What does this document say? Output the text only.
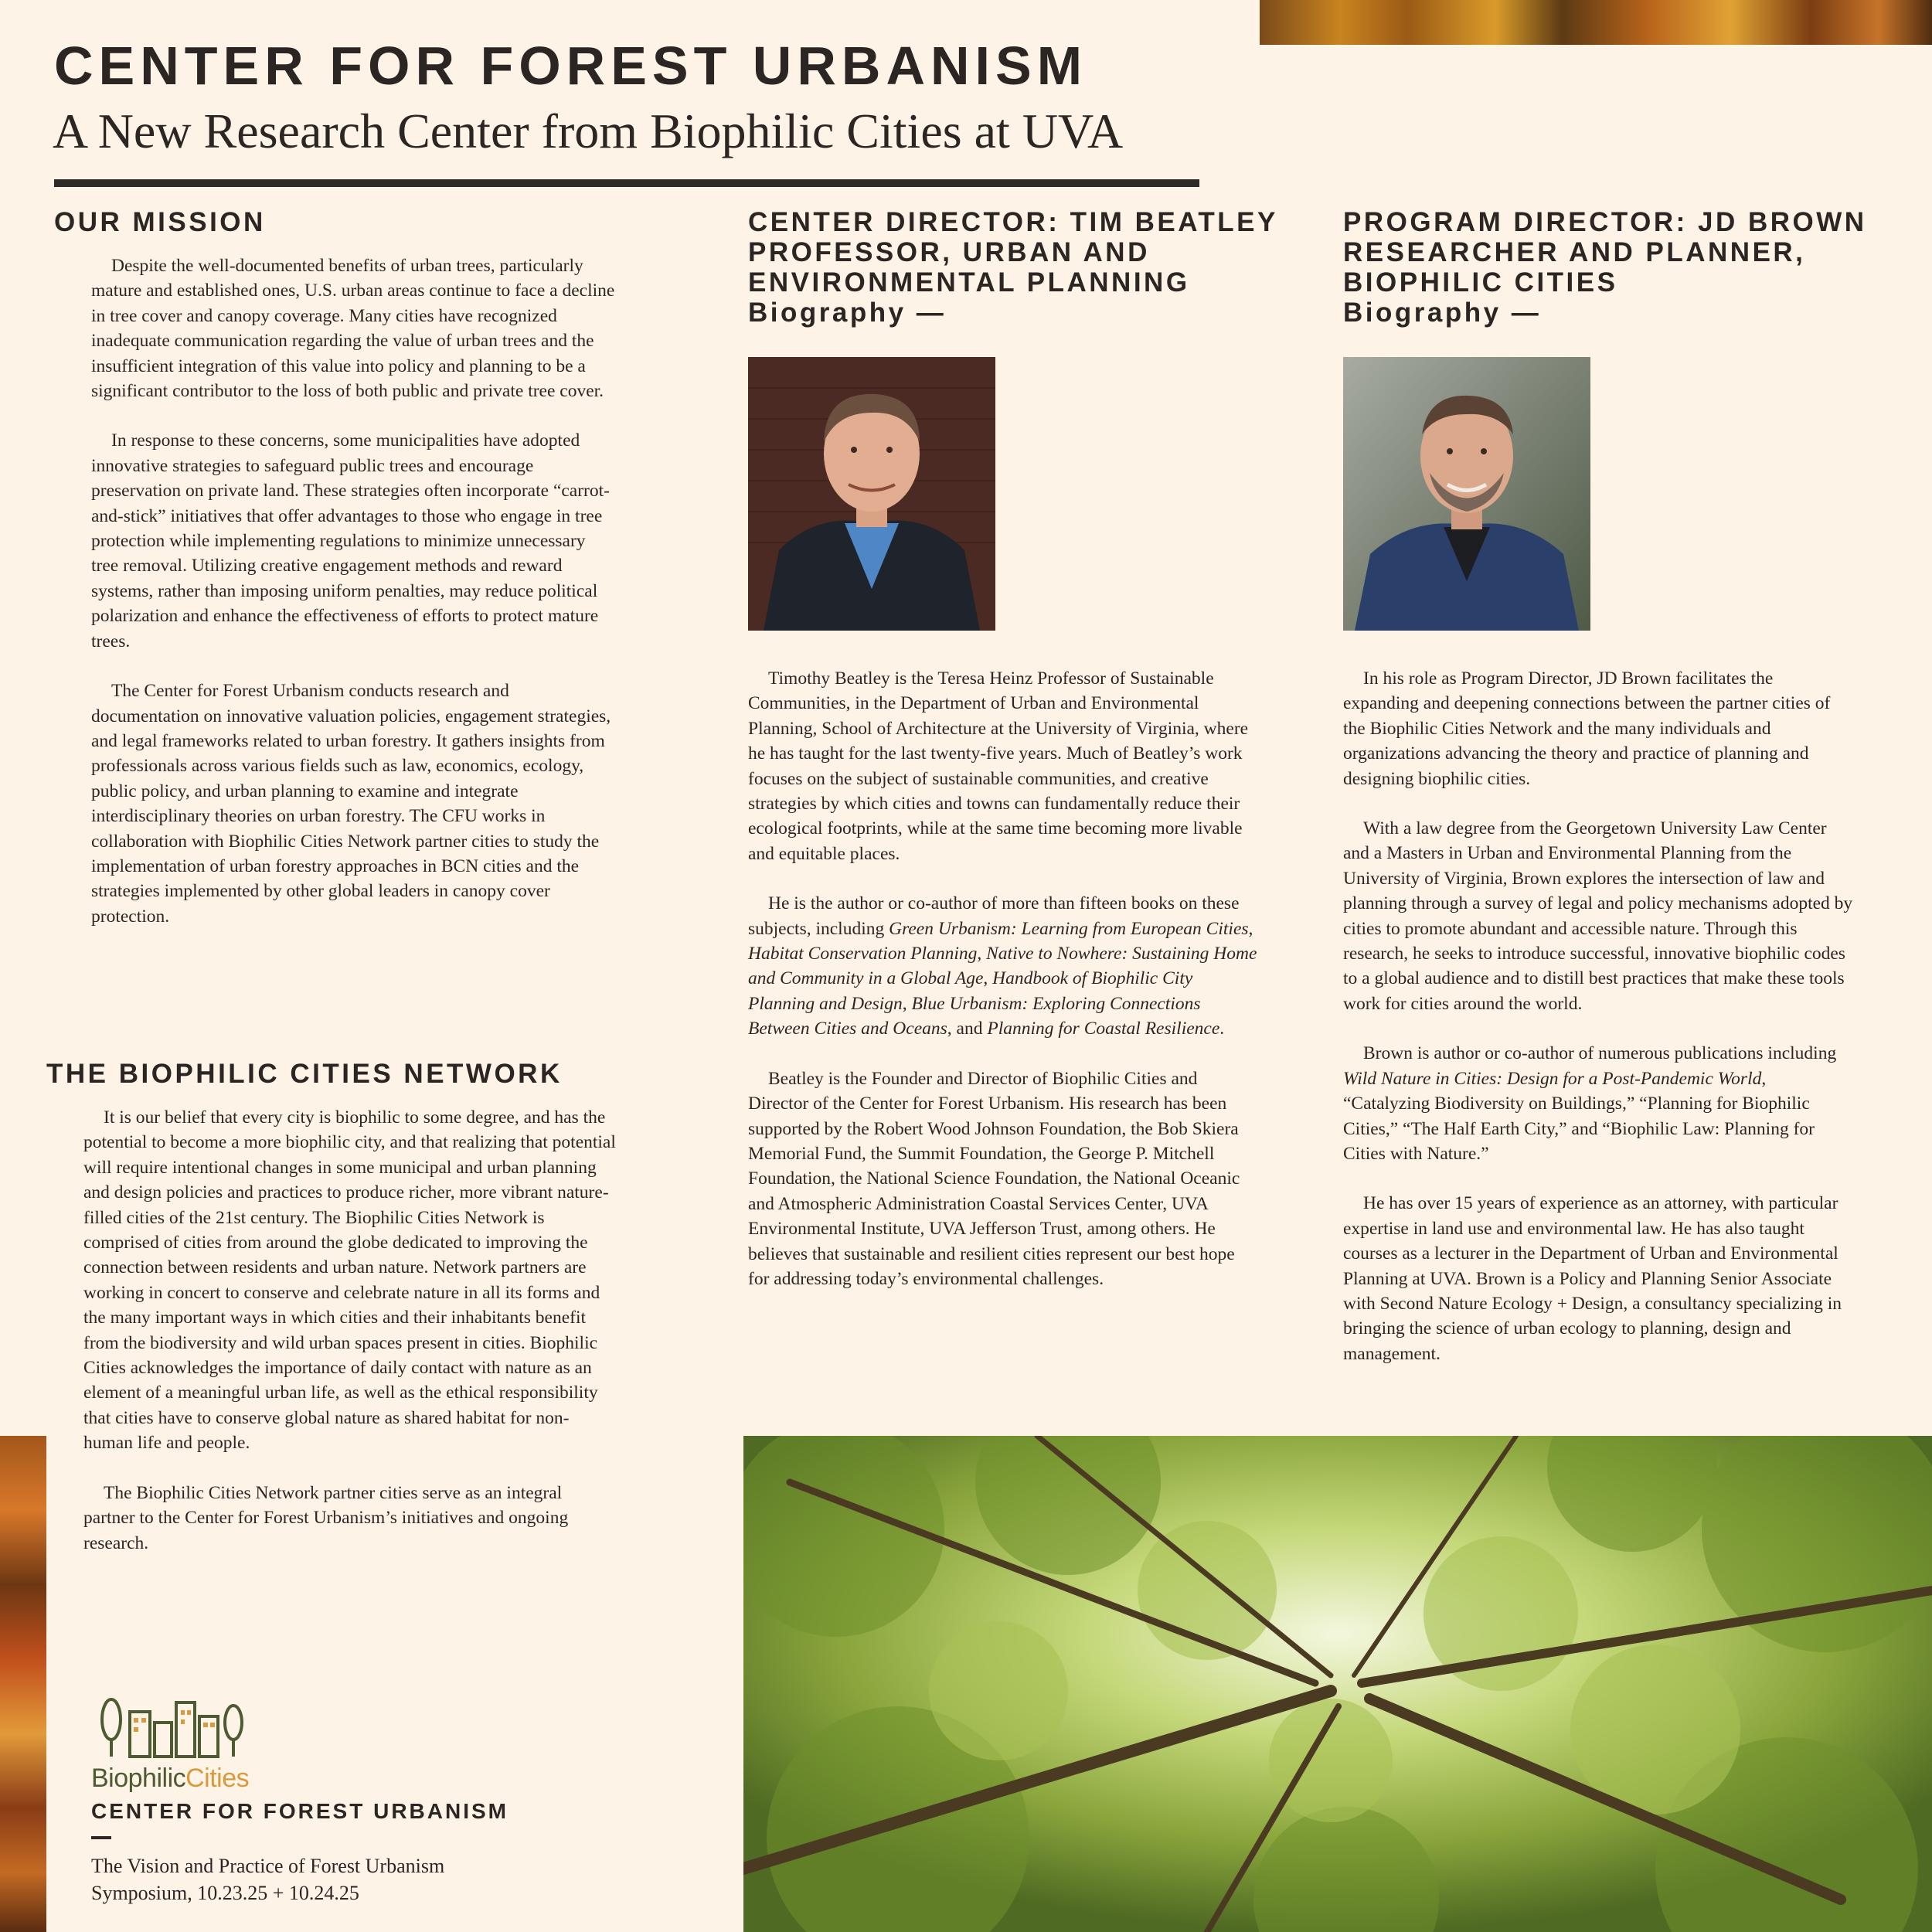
CENTER FOR FOREST URBANISM
A New Research Center from Biophilic Cities at UVA
OUR MISSION

Despite the well-documented benefits of urban trees, particularly mature and established ones, U.S. urban areas continue to face a decline in tree cover and canopy coverage. Many cities have recognized inadequate communication regarding the value of urban trees and the insufficient integration of this value into policy and planning to be a significant contributor to the loss of both public and private tree cover.

In response to these concerns, some municipalities have adopted innovative strategies to safeguard public trees and encourage preservation on private land. These strategies often incorporate “carrot-and-stick” initiatives that offer advantages to those who engage in tree protection while implementing regulations to minimize unnecessary tree removal. Utilizing creative engagement methods and reward systems, rather than imposing uniform penalties, may reduce political polarization and enhance the effectiveness of efforts to protect mature trees.

The Center for Forest Urbanism conducts research and documentation on innovative valuation policies, engagement strategies, and legal frameworks related to urban forestry. It gathers insights from professionals across various fields such as law, economics, ecology, public policy, and urban planning to examine and integrate interdisciplinary theories on urban forestry. The CFU works in collaboration with Biophilic Cities Network partner cities to study the implementation of urban forestry approaches in BCN cities and the strategies implemented by other global leaders in canopy cover protection.

THE BIOPHILIC CITIES NETWORK

It is our belief that every city is biophilic to some degree, and has the potential to become a more biophilic city, and that realizing that potential will require intentional changes in some municipal and urban planning and design policies and practices to produce richer, more vibrant nature-filled cities of the 21st century. The Biophilic Cities Network is comprised of cities from around the globe dedicated to improving the connection between residents and urban nature. Network partners are working in concert to conserve and celebrate nature in all its forms and the many important ways in which cities and their inhabitants benefit from the biodiversity and wild urban spaces present in cities. Biophilic Cities acknowledges the importance of daily contact with nature as an element of a meaningful urban life, as well as the ethical responsibility that cities have to conserve global nature as shared habitat for non-human life and people.

The Biophilic Cities Network partner cities serve as an integral partner to the Center for Forest Urbanism’s initiatives and ongoing research.

CENTER DIRECTOR: TIM BEATLEY
PROFESSOR, URBAN AND
ENVIRONMENTAL PLANNING
Biography —

Timothy Beatley is the Teresa Heinz Professor of Sustainable Communities, in the Department of Urban and Environmental Planning, School of Architecture at the University of Virginia, where he has taught for the last twenty-five years. Much of Beatley’s work focuses on the subject of sustainable communities, and creative strategies by which cities and towns can fundamentally reduce their ecological footprints, while at the same time becoming more livable and equitable places.

He is the author or co-author of more than fifteen books on these subjects, including Green Urbanism: Learning from European Cities, Habitat Conservation Planning, Native to Nowhere: Sustaining Home and Community in a Global Age, Handbook of Biophilic City Planning and Design, Blue Urbanism: Exploring Connections Between Cities and Oceans, and Planning for Coastal Resilience.

Beatley is the Founder and Director of Biophilic Cities and Director of the Center for Forest Urbanism. His research has been supported by the Robert Wood Johnson Foundation, the Bob Skiera Memorial Fund, the Summit Foundation, the George P. Mitchell Foundation, the National Science Foundation, the National Oceanic and Atmospheric Administration Coastal Services Center, UVA Environmental Institute, UVA Jefferson Trust, among others. He believes that sustainable and resilient cities represent our best hope for addressing today’s environmental challenges.

PROGRAM DIRECTOR: JD BROWN
RESEARCHER AND PLANNER,
BIOPHILIC CITIES
Biography —

In his role as Program Director, JD Brown facilitates the expanding and deepening connections between the partner cities of the Biophilic Cities Network and the many individuals and organizations advancing the theory and practice of planning and designing biophilic cities.

With a law degree from the Georgetown University Law Center and a Masters in Urban and Environmental Planning from the University of Virginia, Brown explores the intersection of law and planning through a survey of legal and policy mechanisms adopted by cities to promote abundant and accessible nature. Through this research, he seeks to introduce successful, innovative biophilic codes to a global audience and to distill best practices that make these tools work for cities around the world.

Brown is author or co-author of numerous publications including Wild Nature in Cities: Design for a Post-Pandemic World, “Catalyzing Biodiversity on Buildings,” “Planning for Biophilic Cities,” “The Half Earth City,” and “Biophilic Law: Planning for Cities with Nature.”

He has over 15 years of experience as an attorney, with particular expertise in land use and environmental law. He has also taught courses as a lecturer in the Department of Urban and Environmental Planning at UVA. Brown is a Policy and Planning Senior Associate with Second Nature Ecology + Design, a consultancy specializing in bringing the science of urban ecology to planning, design and management.

BiophilicCities
CENTER FOR FOREST URBANISM
The Vision and Practice of Forest Urbanism
Symposium, 10.23.25 + 10.24.25
